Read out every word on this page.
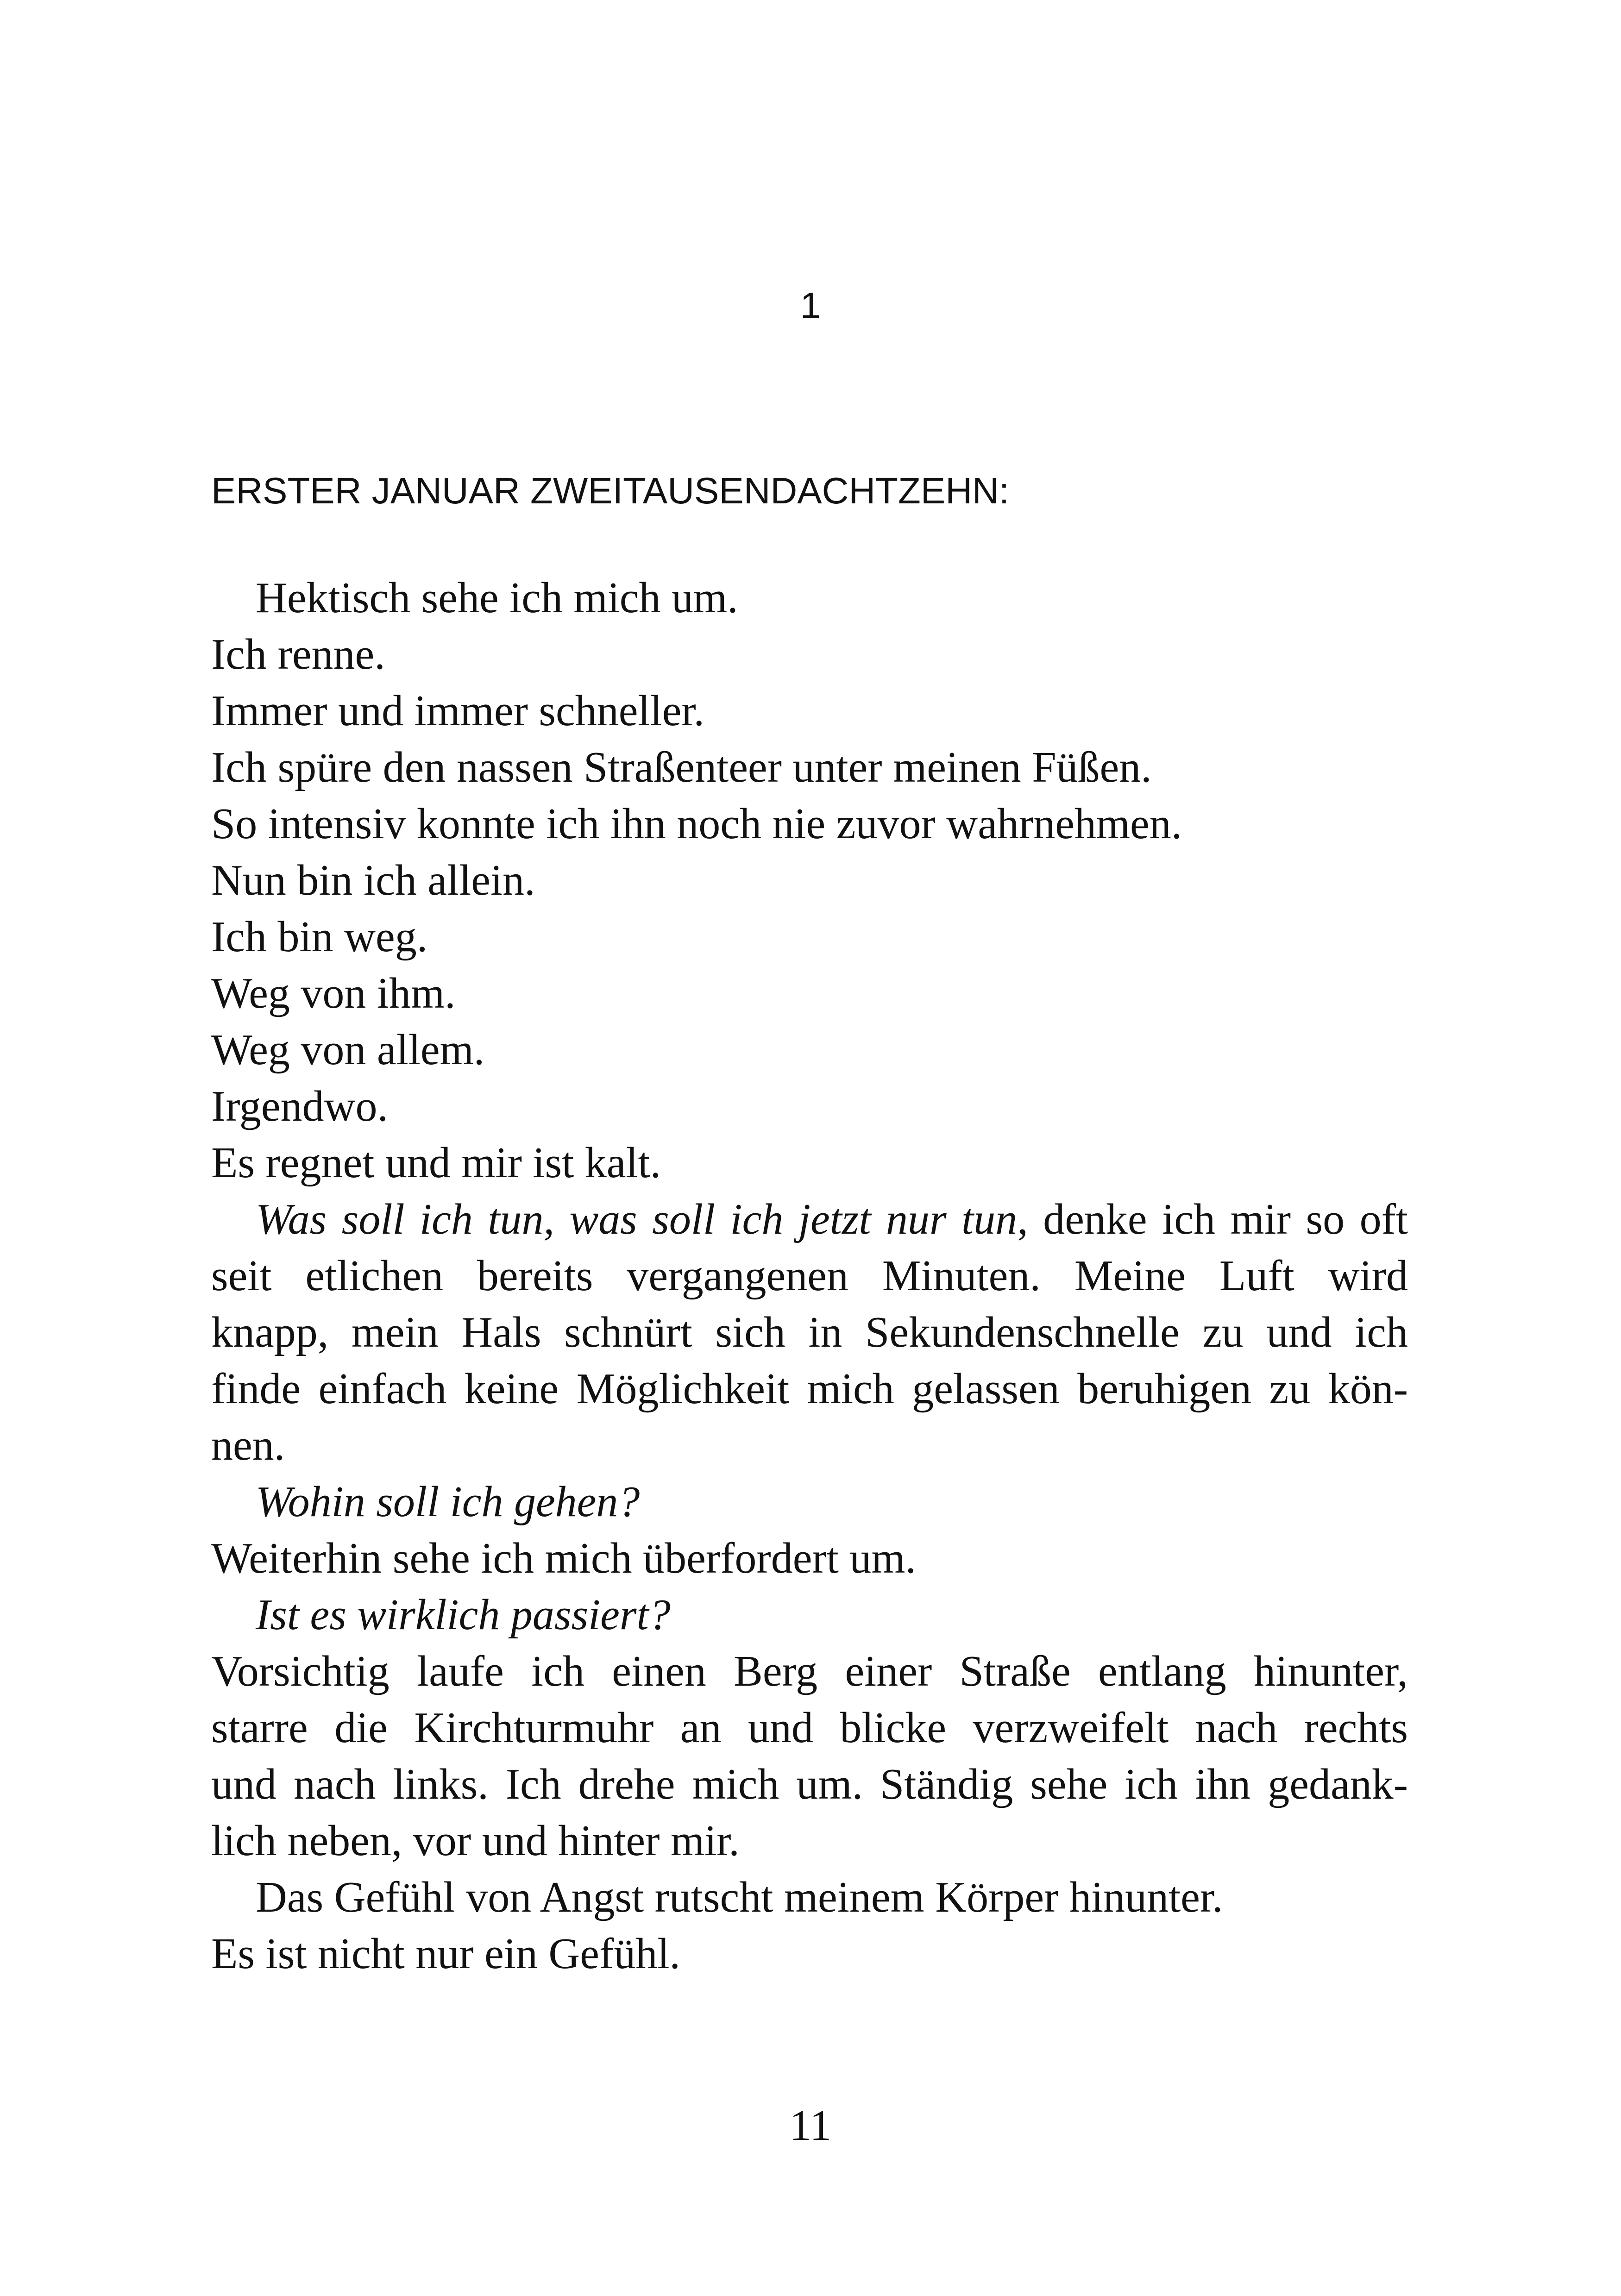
1
ERSTER JANUAR ZWEITAUSENDACHTZEHN:
Hektisch sehe ich mich um.
Ich renne.
Immer und immer schneller.
Ich spüre den nassen Straßenteer unter meinen Füßen.
So intensiv konnte ich ihn noch nie zuvor wahrnehmen.
Nun bin ich allein.
Ich bin weg.
Weg von ihm.
Weg von allem.
Irgendwo.
Es regnet und mir ist kalt.
Was soll ich tun, was soll ich jetzt nur tun, denke ich mir so oft
seit etlichen bereits vergangenen Minuten. Meine Luft wird
knapp, mein Hals schnürt sich in Sekundenschnelle zu und ich
finde einfach keine Möglichkeit mich gelassen beruhigen zu kön-
nen.
Wohin soll ich gehen?
Weiterhin sehe ich mich überfordert um.
Ist es wirklich passiert?
Vorsichtig laufe ich einen Berg einer Straße entlang hinunter,
starre die Kirchturmuhr an und blicke verzweifelt nach rechts
und nach links. Ich drehe mich um. Ständig sehe ich ihn gedank-
lich neben, vor und hinter mir.
Das Gefühl von Angst rutscht meinem Körper hinunter.
Es ist nicht nur ein Gefühl.
11
